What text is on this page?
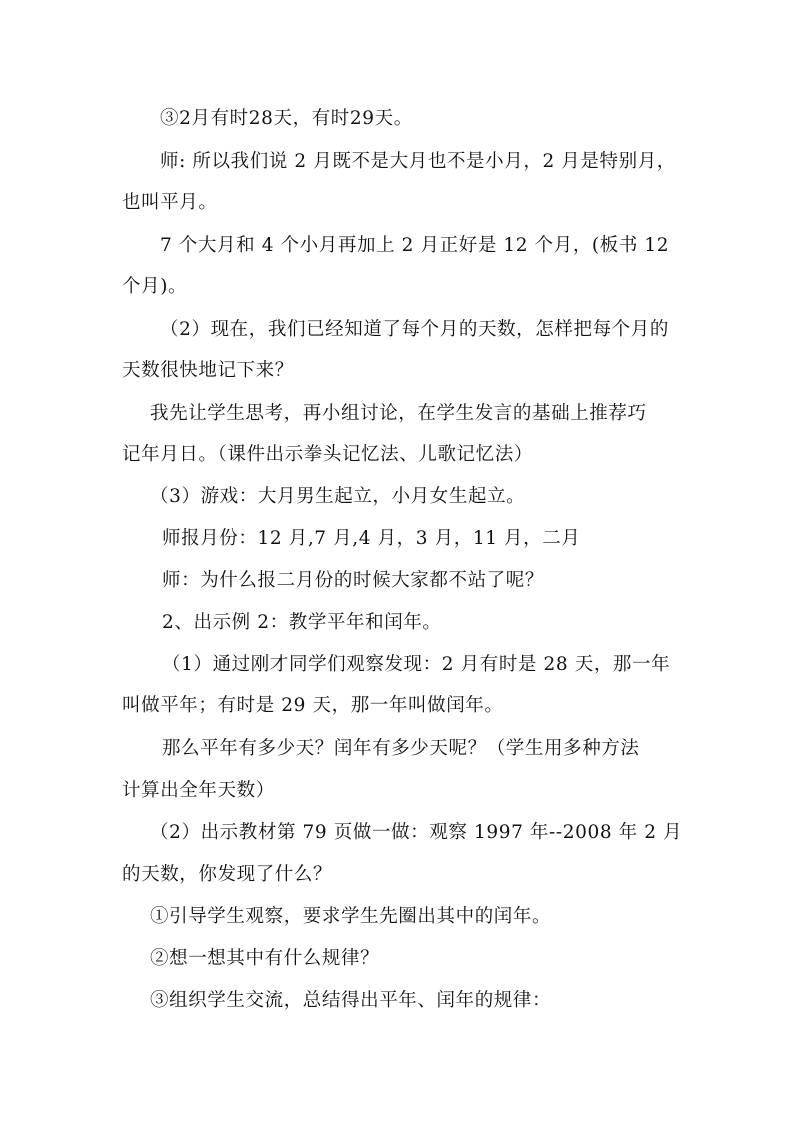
③2月有时28天，有时29天。
师: 所以我们说 2 月既不是大月也不是小月，2 月是特别月，
也叫平月。
7 个大月和 4 个小月再加上 2 月正好是 12 个月，(板书 12
个月)。
（2）现在，我们已经知道了每个月的天数，怎样把每个月的
天数很快地记下来？
我先让学生思考，再小组讨论，在学生发言的基础上推荐巧
记年月日。（课件出示拳头记忆法、儿歌记忆法）
（3）游戏：大月男生起立，小月女生起立。
师报月份：12 月,7 月,4 月，3 月，11 月，二月
师：为什么报二月份的时候大家都不站了呢？
2、出示例 2：教学平年和闰年。
（1）通过刚才同学们观察发现：2 月有时是 28 天，那一年
叫做平年；有时是 29 天，那一年叫做闰年。
那么平年有多少天？闰年有多少天呢？（学生用多种方法
计算出全年天数）
（2）出示教材第 79 页做一做：观察 1997 年--2008 年 2 月
的天数，你发现了什么？
①引导学生观察，要求学生先圈出其中的闰年。
②想一想其中有什么规律？
③组织学生交流，总结得出平年、闰年的规律：
